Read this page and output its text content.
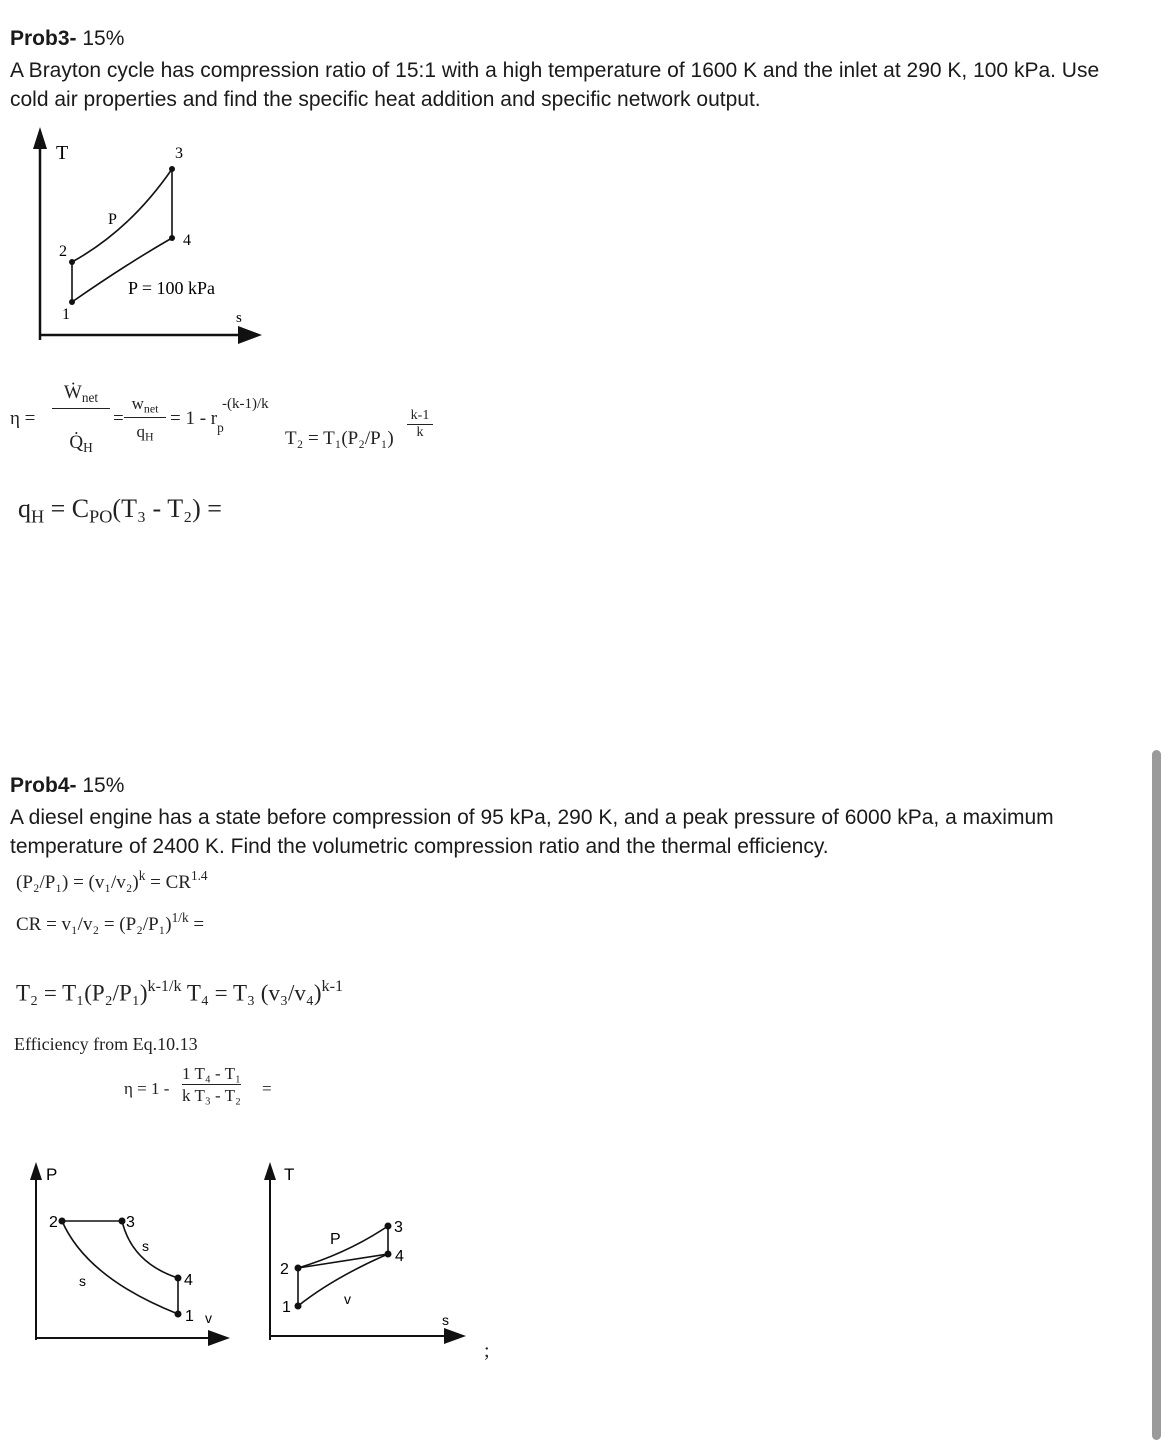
Prob3- 15%
A Brayton cycle has compression ratio of 15:1 with a high temperature of 1600 K and the inlet at 290 K, 100 kPa. Use
cold air properties and find the specific heat addition and specific network output.
T	3
P
4
2
P = 100 kPa
1	s
η =
Ẇ$_{net}$
$Q̇_H$
=
$w_{net}$
$q_H$
= $1 - r_p$
-(k-1)/k
T₂ = T₁(P₂/P₁)
k-1
k
$q_H = C_{PO}(T_3 - T_2)$ =
Prob4- 15%
A diesel engine has a state before compression of 95 kPa, 290 K, and a peak pressure of 6000 kPa, a maximum
temperature of 2400 K. Find the volumetric compression ratio and the thermal efficiency.
$(P_2/P_1) = (v_1/v_2)^k = CR^{1.4}$
CR = $v_1/v_2 = (P_2/P_1)^{1/k}$ =
$T_2 = T_1(P_2/P_1)^{k-1/k}$ T₄ = T₃ $(v_3/v_4)^{k-1}$
Efficiency from Eq.10.13
η = 1 -
1 T₄ - T₁
k T₃ - T₂ =
P
2	3
s
s	4
1 v
T
3
P
4
2
v
1
s
;
